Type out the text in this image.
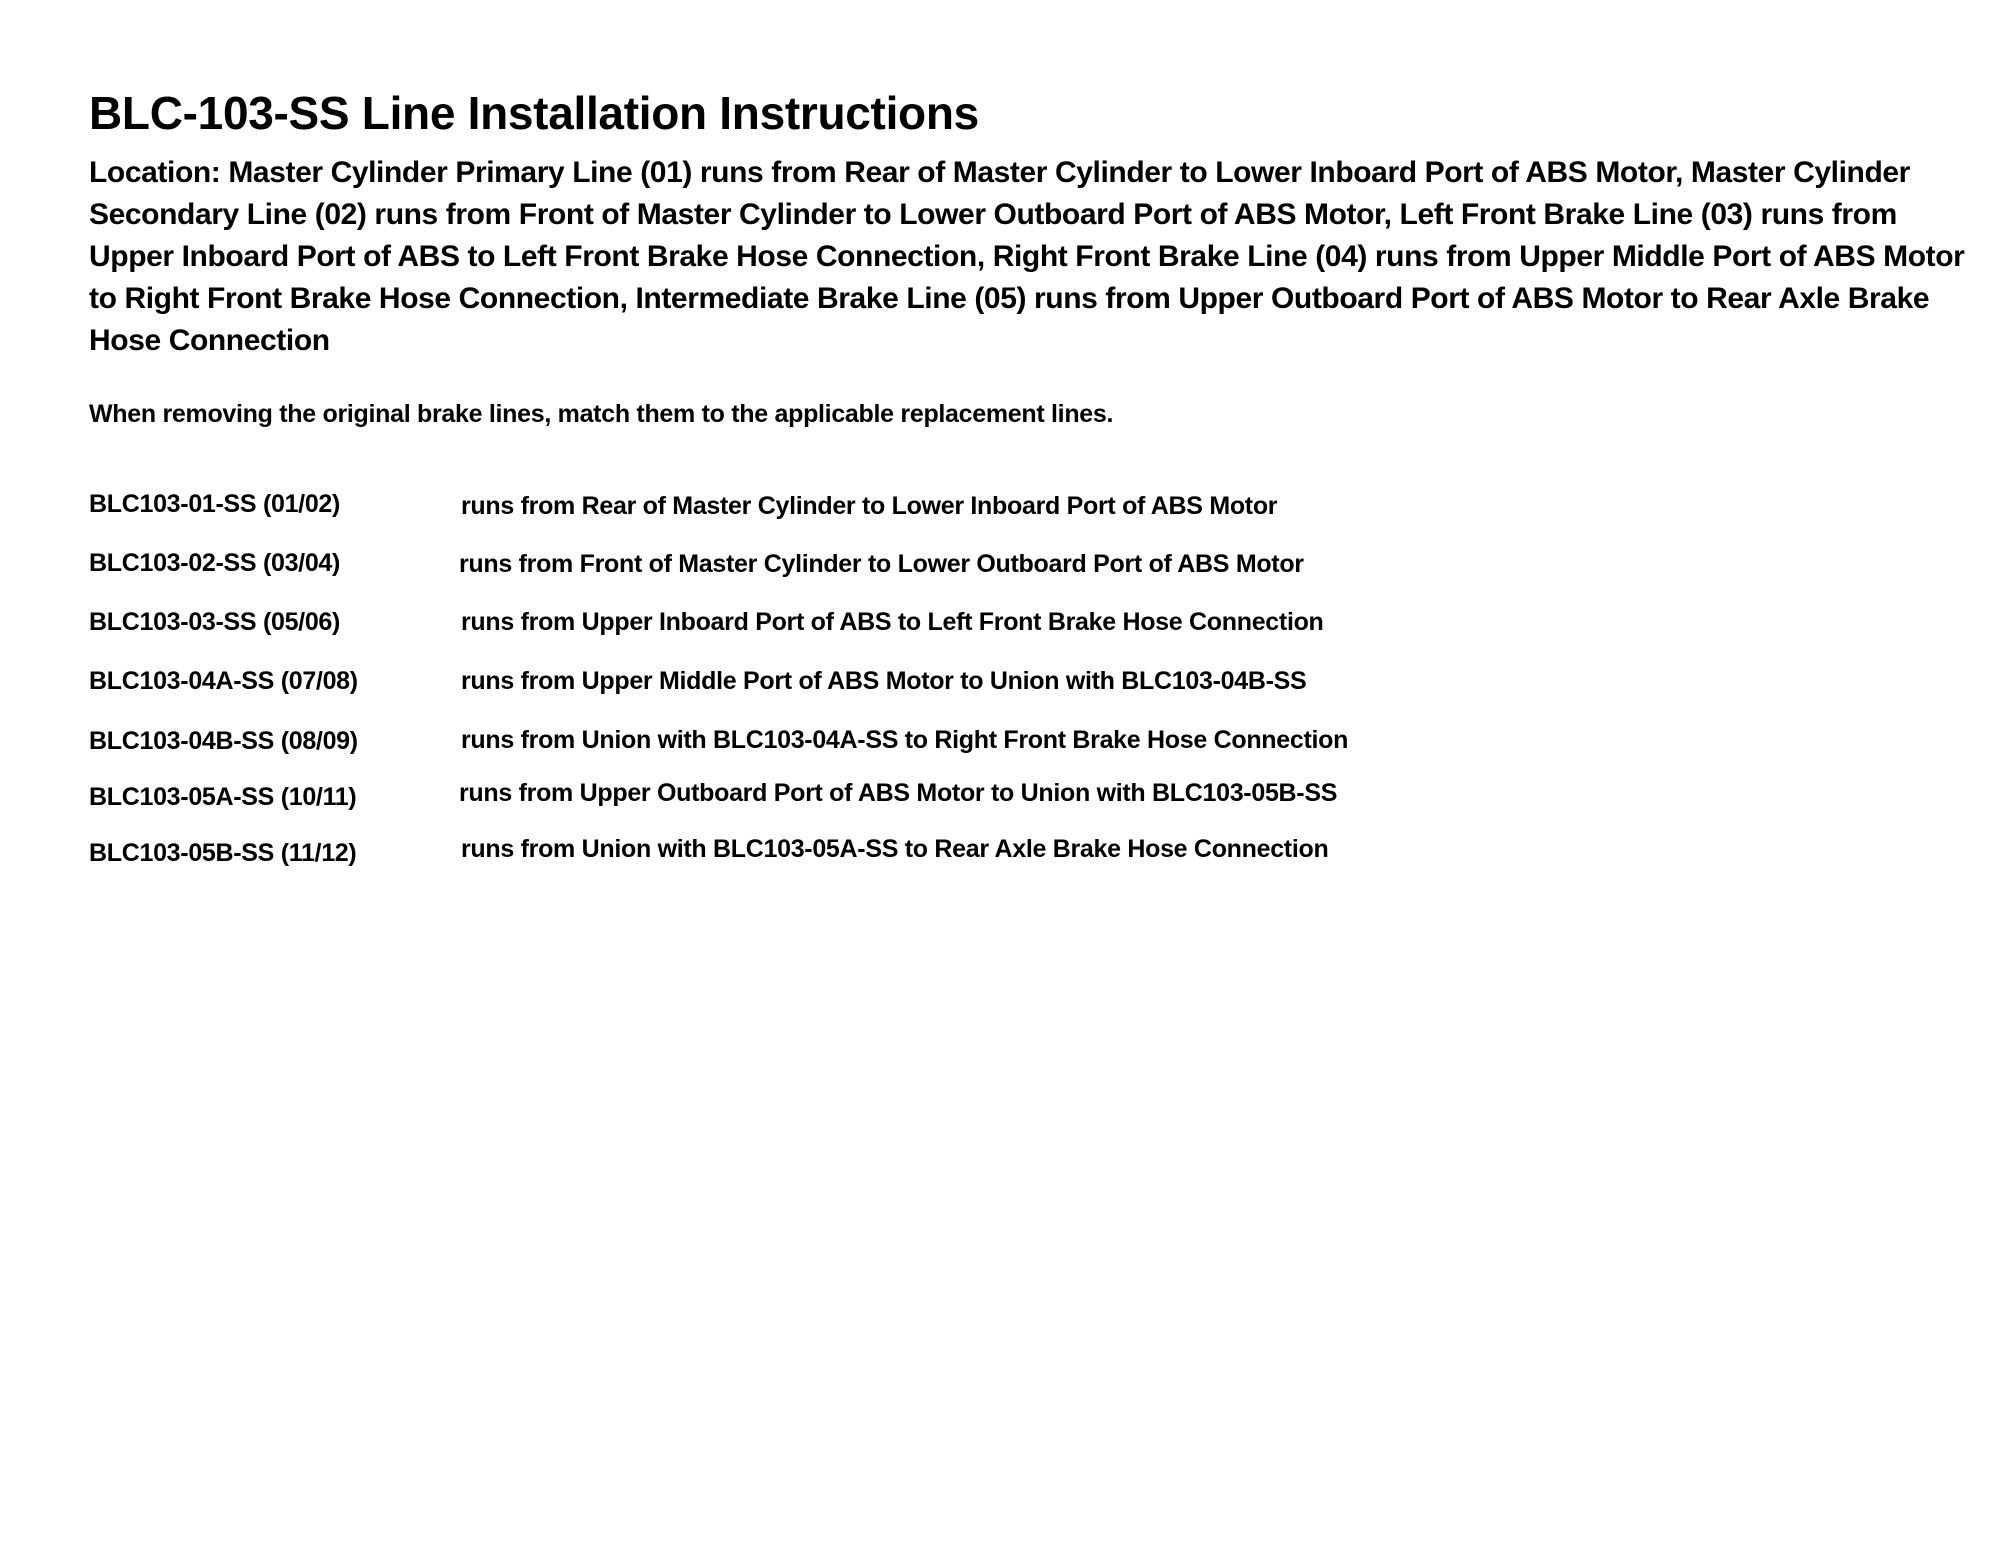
BLC-103-SS Line Installation Instructions

Location: Master Cylinder Primary Line (01) runs from Rear of Master Cylinder to Lower Inboard Port of ABS Motor, Master Cylinder Secondary Line (02) runs from Front of Master Cylinder to Lower Outboard Port of ABS Motor, Left Front Brake Line (03) runs from Upper Inboard Port of ABS to Left Front Brake Hose Connection, Right Front Brake Line (04) runs from Upper Middle Port of ABS Motor to Right Front Brake Hose Connection, Intermediate Brake Line (05) runs from Upper Outboard Port of ABS Motor to Rear Axle Brake Hose Connection

When removing the original brake lines, match them to the applicable replacement lines.

BLC103-01-SS (01/02)	runs from Rear of Master Cylinder to Lower Inboard Port of ABS Motor
BLC103-02-SS (03/04)	runs from Front of Master Cylinder to Lower Outboard Port of ABS Motor
BLC103-03-SS (05/06)	runs from Upper Inboard Port of ABS to Left Front Brake Hose Connection
BLC103-04A-SS (07/08)	runs from Upper Middle Port of ABS Motor to Union with BLC103-04B-SS
BLC103-04B-SS (08/09)	runs from Union with BLC103-04A-SS to Right Front Brake Hose Connection
BLC103-05A-SS (10/11)	runs from Upper Outboard Port of ABS Motor to Union with BLC103-05B-SS
BLC103-05B-SS (11/12)	runs from Union with BLC103-05A-SS to Rear Axle Brake Hose Connection
